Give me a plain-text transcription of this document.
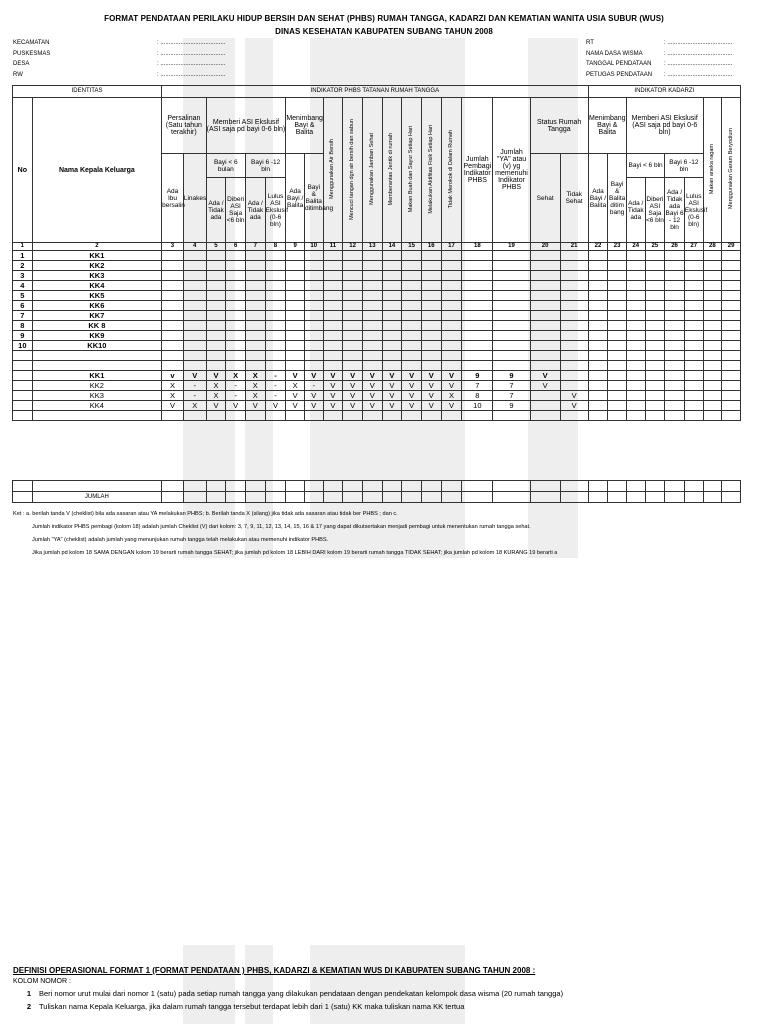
FORMAT PENDATAAN PERILAKU HIDUP BERSIH DAN SEHAT (PHBS) RUMAH TANGGA, KADARZI DAN KEMATIAN WANITA USIA SUBUR (WUS)
DINAS KESEHATAN KABUPATEN SUBANG TAHUN 2008
KECAMATAN	: .......................................
PUSKESMAS	: .......................................
DESA	: .......................................
RW	: .......................................
RT	: .......................................
NAMA DASA WISMA	: .......................................
TANGGAL PENDATAAN	: .......................................
PETUGAS PENDATAAN	: .......................................
IDENTITAS		INDIKATOR PHBS TATANAN RUMAH TANGGA																			INDIKATOR KADARZI							
No	Nama Kepala Keluarga	Persalinan (Satu tahun terakhir)		Memberi ASI Ekslusif (ASI saja pd bayi 0-6 bln)				Menimbang Bayi & Balita		Menggunakan Air Bersih	Mencuci tangan dgn air bersih dan sabun	Menggunakan Jamban Sehat	Memberantas Jentik di rumah	Makan Buah dan Sayur Setiap Hari	Melakukan Aktifitas Fisik Setiap Hari	Tidak Merokok di Dalam Rumah	Jumlah Pembagi Indikator PHBS	Jumlah "YA" atau (v) yg memenuhi Indikator PHBS	Status Rumah Tangga		Menimbang Bayi & Balita		Memberi ASI Ekslusif (ASI saja pd bayi 0-6 bln)				Makan aneka ragam	Menggunakan Garam Beryodium
		Ada Ibu bersalin	Linakes	Bayi < 6 bulan		Bayi 6 -12 bln		Ada Bayi / Balita	Bayi & Balita ditimbang										Sehat	Tidak Sehat	Ada Bayi / Balita	Bayi & Balita ditim bang	Bayi < 6 bln		Bayi 6 -12 bln			
				Ada / Tidak ada	Diberi ASI Saja <6 bln	Ada / Tidak ada	Lulus ASI Ekslusif (0-6 bln)																Ada / Tidak ada	Diberi ASI Saja <6 bln	Ada / Tidak ada Bayi 6 - 12 bln	Lulus ASI Ekslusif (0-6 bln)		
1	2	3	4	5	6	7	8	9	10	11	12	13	14	15	16	17	18	19	20	21	22	23	24	25	26	27	28	29
1	KK1																											
2	KK2																											
3	KK3																											
4	KK4																											
5	KK5																											
6	KK6																											
7	KK7																											
8	KK 8																											
9	KK9																											
10	KK10																											

	KK1	v	V	V	X	X	-	V	V	V	V	V	V	V	V	V	9	9	V									
	KK2	X	-	X	-	X	-	X	-	V	V	V	V	V	V	V	7	7	V									
	KK3	X	-	X	-	X	-	V	V	V	V	V	V	V	V	X	8	7		V								
	KK4	V	X	V	V	V	V	V	V	V	V	V	V	V	V	V	10	9		V								

	JUMLAH																											
Ket : a. berilah tanda V (cheklist) bila ada sasaran atau YA melakukan PHBS; b. Berilah tanda X (silang) jika tidak ada sasaran atau tidak ber PHBS ; dan c.
Jumlah indikator PHBS pembagi (kolom 18) adalah jumlah Cheklist (V) dari kolom: 3, 7, 9, 11, 12, 13, 14, 15, 16 & 17 yang dapat dikutsertakan menjadi pembagi untuk menentukan rumah tangga sehat.
Jumlah "YA" (cheklist) adalah jumlah yang menunjukan rumah tangga telah melakukan atau memenuhi indikator PHBS.
Jika jumlah pd kolom 18 SAMA DENGAN kolom 19 berarti rumah tangga SEHAT; jika jumlah pd kolom 18 LEBIH DARI kolom 19 berarti rumah tangga TIDAK SEHAT; jika jumlah pd kolom 18 KURANG 19 berarti a
DEFINISI OPERASIONAL FORMAT 1 (FORMAT PENDATAAN ) PHBS, KADARZI & KEMATIAN WUS DI KABUPATEN SUBANG TAHUN 2008 :
KOLOM NOMOR :
1	Beri nomor urut mulai dari nomor 1 (satu) pada setiap rumah tangga yang dilakukan pendataan dengan pendekatan kelompok dasa wisma (20 rumah tangga)
2	Tuliskan nama Kepala Keluarga, jika dalam rumah tangga tersebut terdapat lebih dari 1 (satu) KK maka tuliskan nama KK tertua
